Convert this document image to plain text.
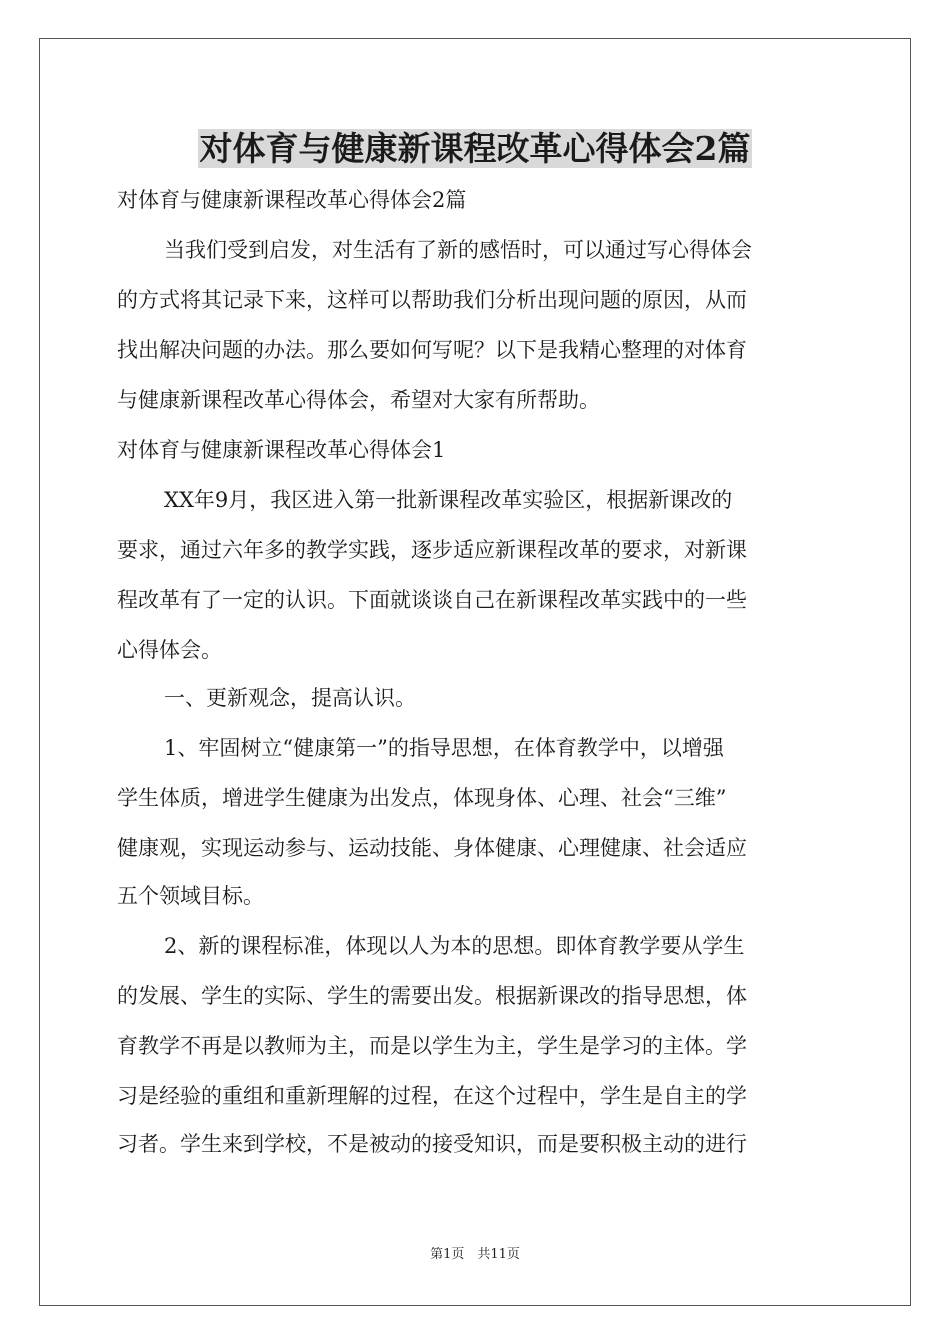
对体育与健康新课程改革心得体会2篇

对体育与健康新课程改革心得体会2篇

当我们受到启发，对生活有了新的感悟时，可以通过写心得体会

的方式将其记录下来，这样可以帮助我们分析出现问题的原因，从而

找出解决问题的办法。那么要如何写呢？以下是我精心整理的对体育

与健康新课程改革心得体会，希望对大家有所帮助。

对体育与健康新课程改革心得体会1

XX年9月，我区进入第一批新课程改革实验区，根据新课改的

要求，通过六年多的教学实践，逐步适应新课程改革的要求，对新课

程改革有了一定的认识。下面就谈谈自己在新课程改革实践中的一些

心得体会。

一、更新观念，提高认识。

1、牢固树立“健康第一”的指导思想，在体育教学中，以增强

学生体质，增进学生健康为出发点，体现身体、心理、社会“三维”

健康观，实现运动参与、运动技能、身体健康、心理健康、社会适应

五个领域目标。

2、新的课程标准，体现以人为本的思想。即体育教学要从学生

的发展、学生的实际、学生的需要出发。根据新课改的指导思想，体

育教学不再是以教师为主，而是以学生为主，学生是学习的主体。学

习是经验的重组和重新理解的过程，在这个过程中，学生是自主的学

习者。学生来到学校，不是被动的接受知识，而是要积极主动的进行

第1页　共11页
